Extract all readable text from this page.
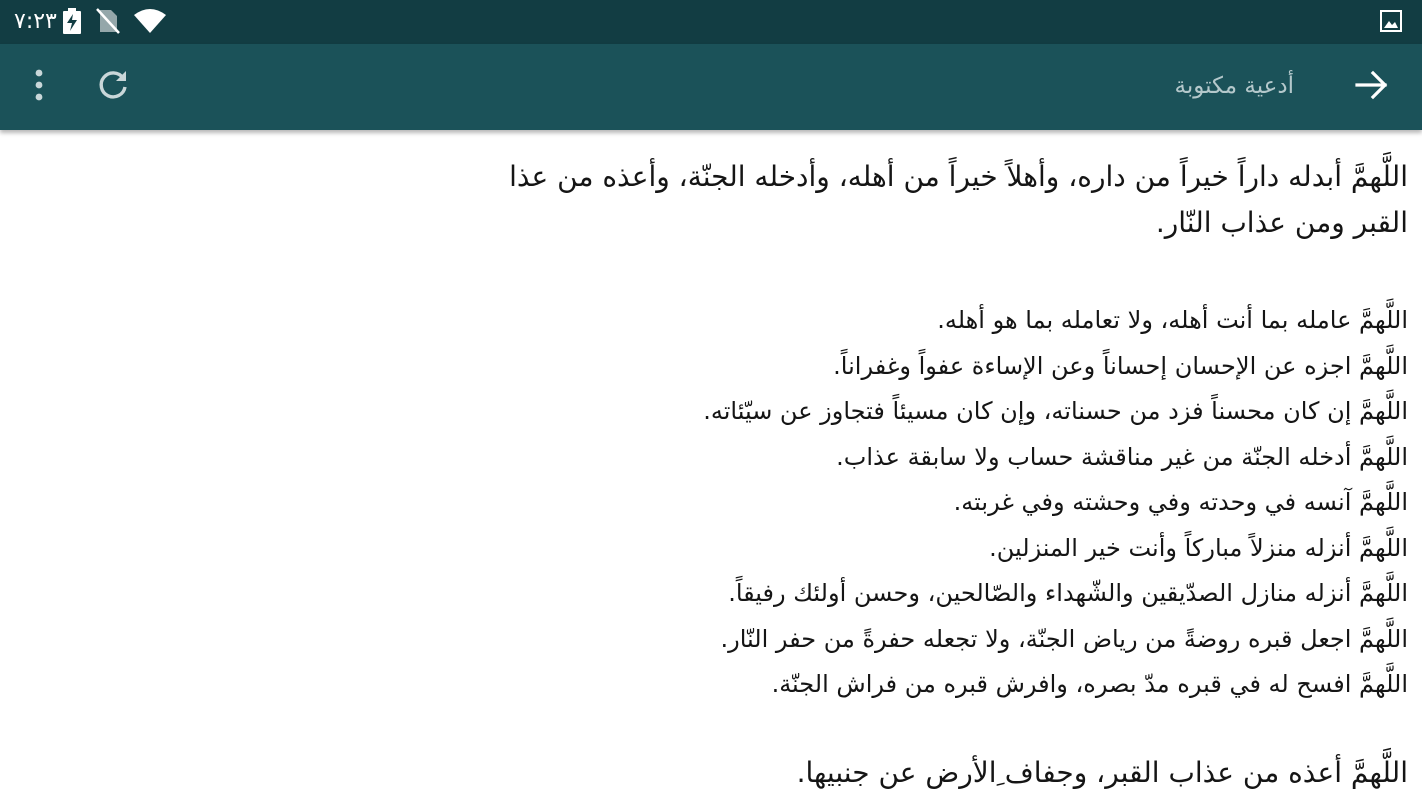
٧:٢٣
أدعية مكتوبة
اللَّهمَّ أبدله داراً خيراً من داره، وأهلاً خيراً من أهله، وأدخله الجنّة، وأعذه من عذا القبر ومن عذاب النّار.
اللَّهمَّ عامله بما أنت أهله، ولا تعامله بما هو أهله.
اللَّهمَّ اجزه عن الإحسان إحساناً وعن الإساءة عفواً وغفراناً.
اللَّهمَّ إن كان محسناً فزد من حسناته، وإن كان مسيئاً فتجاوز عن سيّئاته.
اللَّهمَّ أدخله الجنّة من غير مناقشة حساب ولا سابقة عذاب.
اللَّهمَّ آنسه في وحدته وفي وحشته وفي غربته.
اللَّهمَّ أنزله منزلاً مباركاً وأنت خير المنزلين.
اللَّهمَّ أنزله منازل الصدّيقين والشّهداء والصّالحين، وحسن أولئك رفيقاً.
اللَّهمَّ اجعل قبره روضةً من رياض الجنّة، ولا تجعله حفرةً من حفر النّار.
اللَّهمَّ افسح له في قبره مدّ بصره، وافرش قبره من فراش الجنّة.
اللَّهمَّ أعذه من عذاب القبر، وجفاف ِالأرض عن جنبيها.
